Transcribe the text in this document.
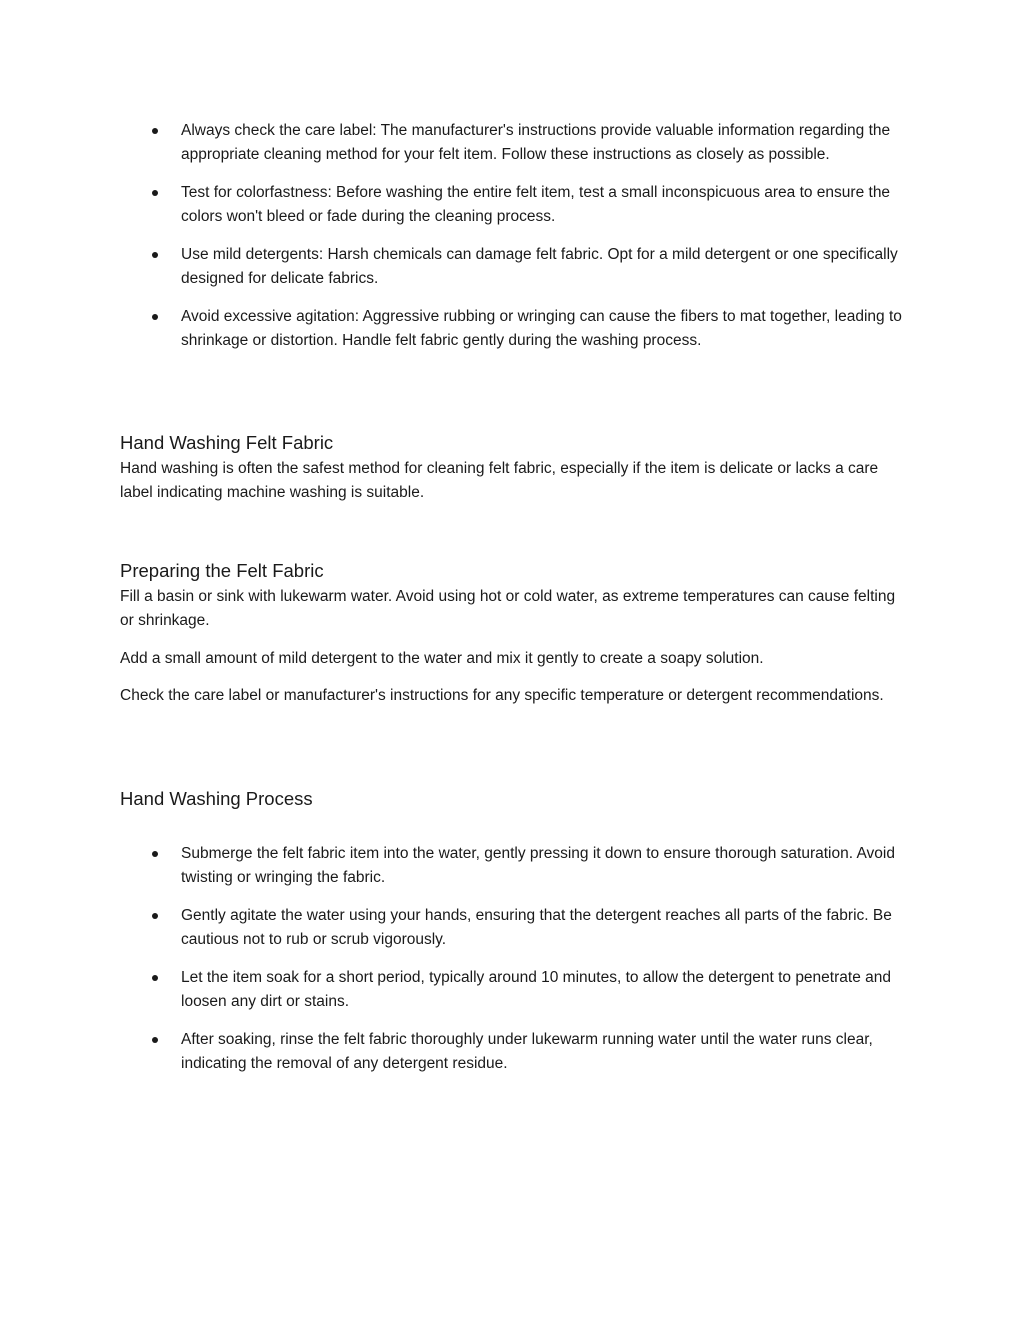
Always check the care label: The manufacturer's instructions provide valuable information regarding the appropriate cleaning method for your felt item. Follow these instructions as closely as possible.
Test for colorfastness: Before washing the entire felt item, test a small inconspicuous area to ensure the colors won't bleed or fade during the cleaning process.
Use mild detergents: Harsh chemicals can damage felt fabric. Opt for a mild detergent or one specifically designed for delicate fabrics.
Avoid excessive agitation: Aggressive rubbing or wringing can cause the fibers to mat together, leading to shrinkage or distortion. Handle felt fabric gently during the washing process.
Hand Washing Felt Fabric

Hand washing is often the safest method for cleaning felt fabric, especially if the item is delicate or lacks a care label indicating machine washing is suitable.

Preparing the Felt Fabric

Fill a basin or sink with lukewarm water. Avoid using hot or cold water, as extreme temperatures can cause felting or shrinkage.

Add a small amount of mild detergent to the water and mix it gently to create a soapy solution.

Check the care label or manufacturer's instructions for any specific temperature or detergent recommendations.

Hand Washing Process
Submerge the felt fabric item into the water, gently pressing it down to ensure thorough saturation. Avoid twisting or wringing the fabric.
Gently agitate the water using your hands, ensuring that the detergent reaches all parts of the fabric. Be cautious not to rub or scrub vigorously.
Let the item soak for a short period, typically around 10 minutes, to allow the detergent to penetrate and loosen any dirt or stains.
After soaking, rinse the felt fabric thoroughly under lukewarm running water until the water runs clear, indicating the removal of any detergent residue.
